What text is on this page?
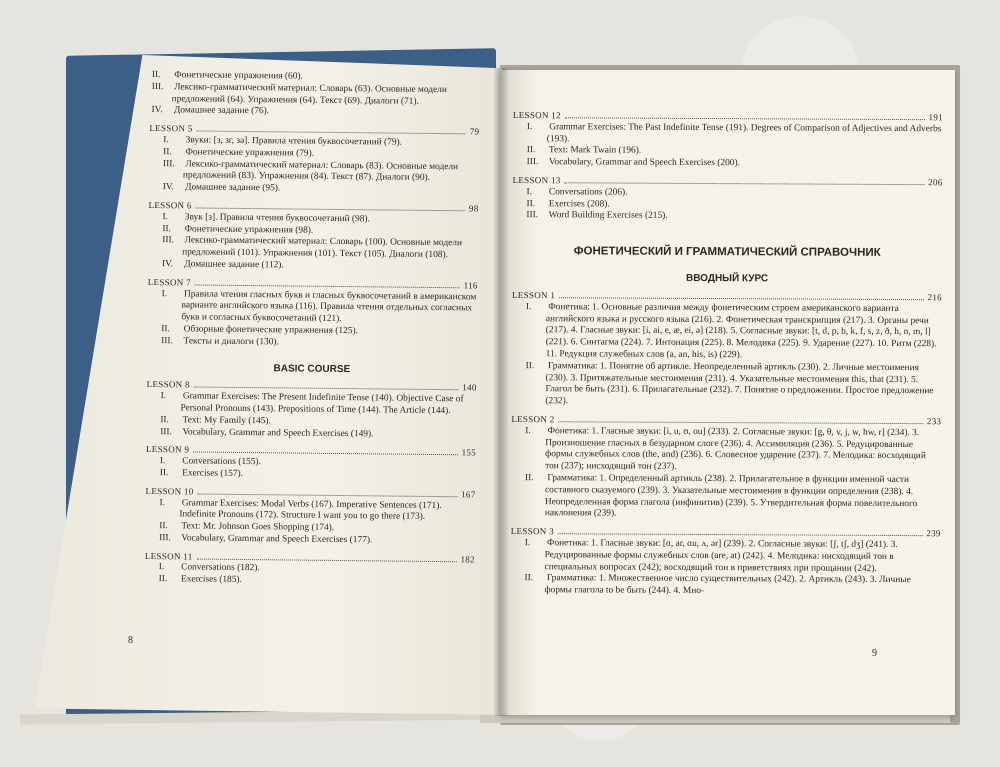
II. Фонетические упражнения (60).
III. Лексико-грамматический материал: Словарь (63). Основные модели предложений (64). Упражнения (64). Текст (69). Диалоги (71).
IV. Домашнее задание (76).
LESSON 5	79
I. Звуки: [з, зг, зə]. Правила чтения буквосочетаний (79).
II. Фонетические упражнения (79).
III. Лексико-грамматический материал: Словарь (83). Основные модели предложений (83). Упражнения (84). Текст (87). Диалоги (90).
IV. Домашнее задание (95).
LESSON 6	98
I. Звук [з]. Правила чтения буквосочетаний (98).
II. Фонетические упражнения (98).
III. Лексико-грамматический материал: Словарь (100). Основные модели предложений (101). Упражнения (101). Текст (105). Диалоги (108).
IV. Домашнее задание (112).
LESSON 7	116
I. Правила чтения гласных букв и гласных буквосочетаний в американском варианте английского языка (116). Правила чтения отдельных согласных букв и согласных буквосочетаний (121).
II. Обзорные фонетические упражнения (125).
III. Тексты и диалоги (130).
BASIC COURSE
LESSON 8	140
I. Grammar Exercises: The Present Indefinite Tense (140). Objective Case of Personal Pronouns (143). Prepositions of Time (144). The Article (144).
II. Text: My Family (145).
III. Vocabulary, Grammar and Speech Exercises (149).
LESSON 9	155
I. Conversations (155).
II. Exercises (157).
LESSON 10	167
I. Grammar Exercises: Modal Verbs (167). Imperative Sentences (171). Indefinite Pronouns (172). Structure I want you to go there (173).
II. Text: Mr. Johnson Goes Shopping (174).
III. Vocabulary, Grammar and Speech Exercises (177).
LESSON 11	182
I. Conversations (182).
II. Exercises (185).
8
LESSON 12	191
I. Grammar Exercises: The Past Indefinite Tense (191). Degrees of Comparison of Adjectives and Adverbs (193).
II. Text: Mark Twain (196).
III. Vocabulary, Grammar and Speech Exercises (200).
LESSON 13	206
I. Conversations (206).
II. Exercises (208).
III. Word Building Exercises (215).
ФОНЕТИЧЕСКИЙ И ГРАММАТИЧЕСКИЙ СПРАВОЧНИК
ВВОДНЫЙ КУРС
LESSON 1	216
I. Фонетика: 1. Основные различия между фонетическим строем американского варианта английского языка и русского языка (216). 2. Фонетическая транскрипция (217). 3. Органы речи (217). 4. Гласные звуки: [i, ai, e, æ, ei, ə] (218). 5. Согласные звуки: [t, d, p, b, k, f, s, z, ð, h, n, m, l] (221). 6. Синтагма (224). 7. Интонация (225). 8. Мелодика (225). 9. Ударение (227). 10. Ритм (228). 11. Редукция служебных слов (a, an, his, is) (229).
II. Грамматика: 1. Понятие об артикле. Неопределенный артикль (230). 2. Личные местоимения (230). 3. Притяжательные местоимения (231). 4. Указательные местоимения this, that (231). 5. Глагол be быть (231). 6. Прилагательные (232). 7. Понятие о предложении. Простое предложение (232).
LESSON 2	233
I. Фонетика: 1. Гласные звуки: [i, u, ʊ, ou] (233). 2. Согласные звуки: [g, θ, v, j, w, hw, r] (234). 3. Произношение гласных в безударном слоге (236). 4. Ассимиляция (236). 5. Редуцированные формы служебных слов (the, and) (236). 6. Словесное ударение (237). 7. Мелодика: восходящий тон (237); нисходящий тон (237).
II. Грамматика: 1. Определенный артикль (238). 2. Прилагательное в функции именной части составного сказуемого (239). 3. Указательные местоимения в функции определения (238). 4. Неопределенная форма глагола (инфинитив) (239). 5. Утвердительная форма повелительного наклонения (239).
LESSON 3	239
I. Фонетика: 1. Гласные звуки: [ɑ, ar, ɑu, ʌ, ər] (239). 2. Согласные звуки: [ʃ, tʃ, dʒ] (241). 3. Редуцированные формы служебных слов (are, at) (242). 4. Мелодика: нисходящий тон в специальных вопросах (242); восходящий тон в приветствиях при прощании (242).
II. Грамматика: 1. Множественное число существительных (242). 2. Артикль (243). 3. Личные формы глагола to be быть (244). 4. Мно-
9
